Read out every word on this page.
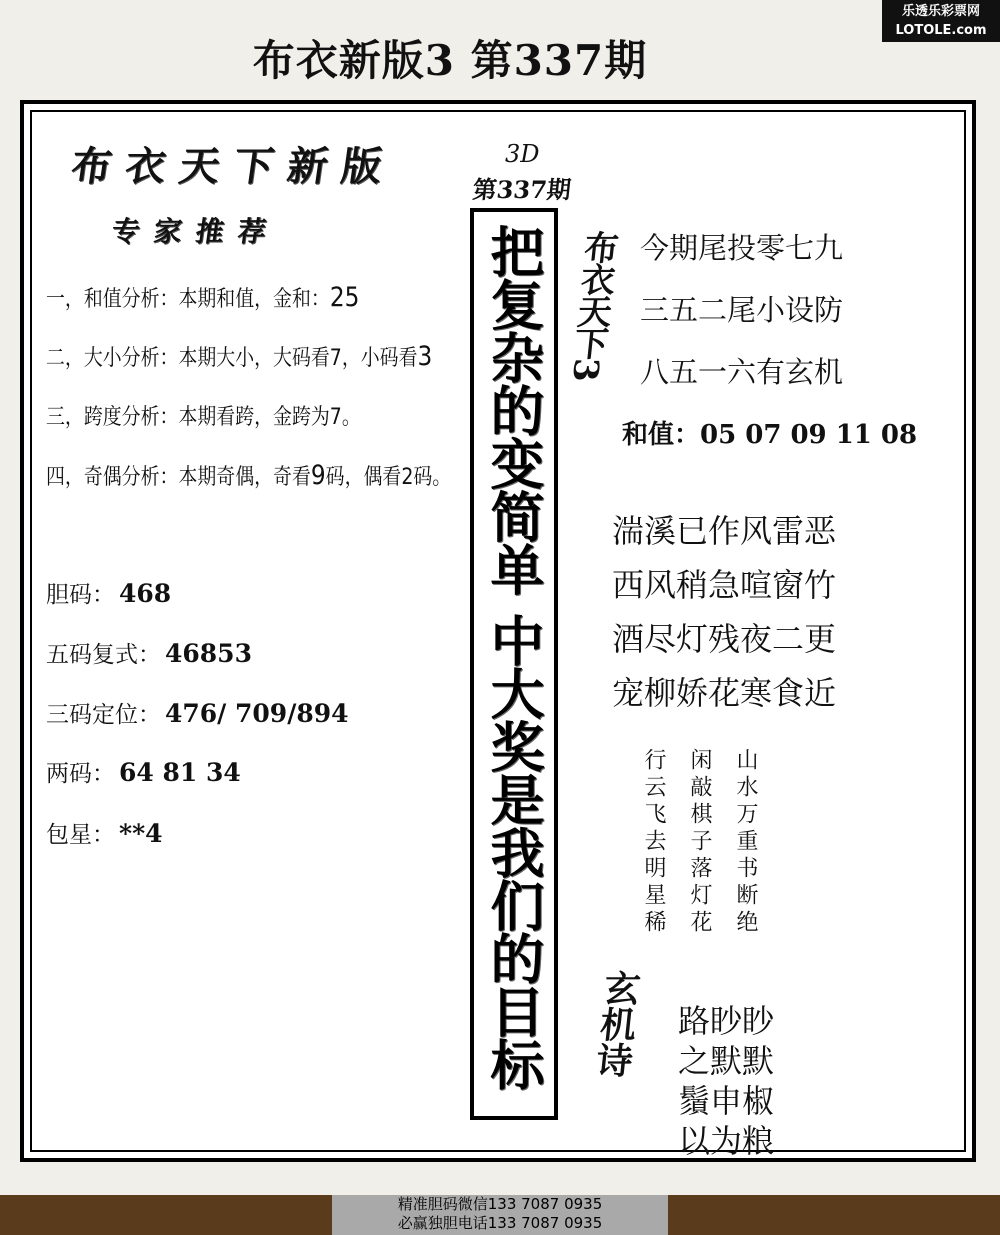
布衣新版3 第337期
乐透乐彩票网
LOTOLE.com
布衣天下新版
专家推荐
一，和值分析：本期和值，金和：25
二，大小分析：本期大小，大码看7，小码看3
三，跨度分析：本期看跨，金跨为7。
四，奇偶分析：本期奇偶，奇看9码，偶看2码。
胆码： 468
五码复式： 46853
三码定位： 476/ 709/894
两码： 64 81 34
包星： **4
3D
第337期
把复杂的变简单 中大奖是我们的目标 布衣天下3 今期尾投零七九
三五二尾小设防
八五一六有玄机
和值：05 07 09 11 08
湍溪已作风雷恶
西风稍急喧窗竹
酒尽灯残夜二更
宠柳娇花寒食近
行云飞去明星稀 闲敲棋子落灯花 山水万重书断绝
玄机诗 路眇眇
之默默
鬚申椒
以为粮
精准胆码微信133 7087 0935
必赢独胆电话133 7087 0935
